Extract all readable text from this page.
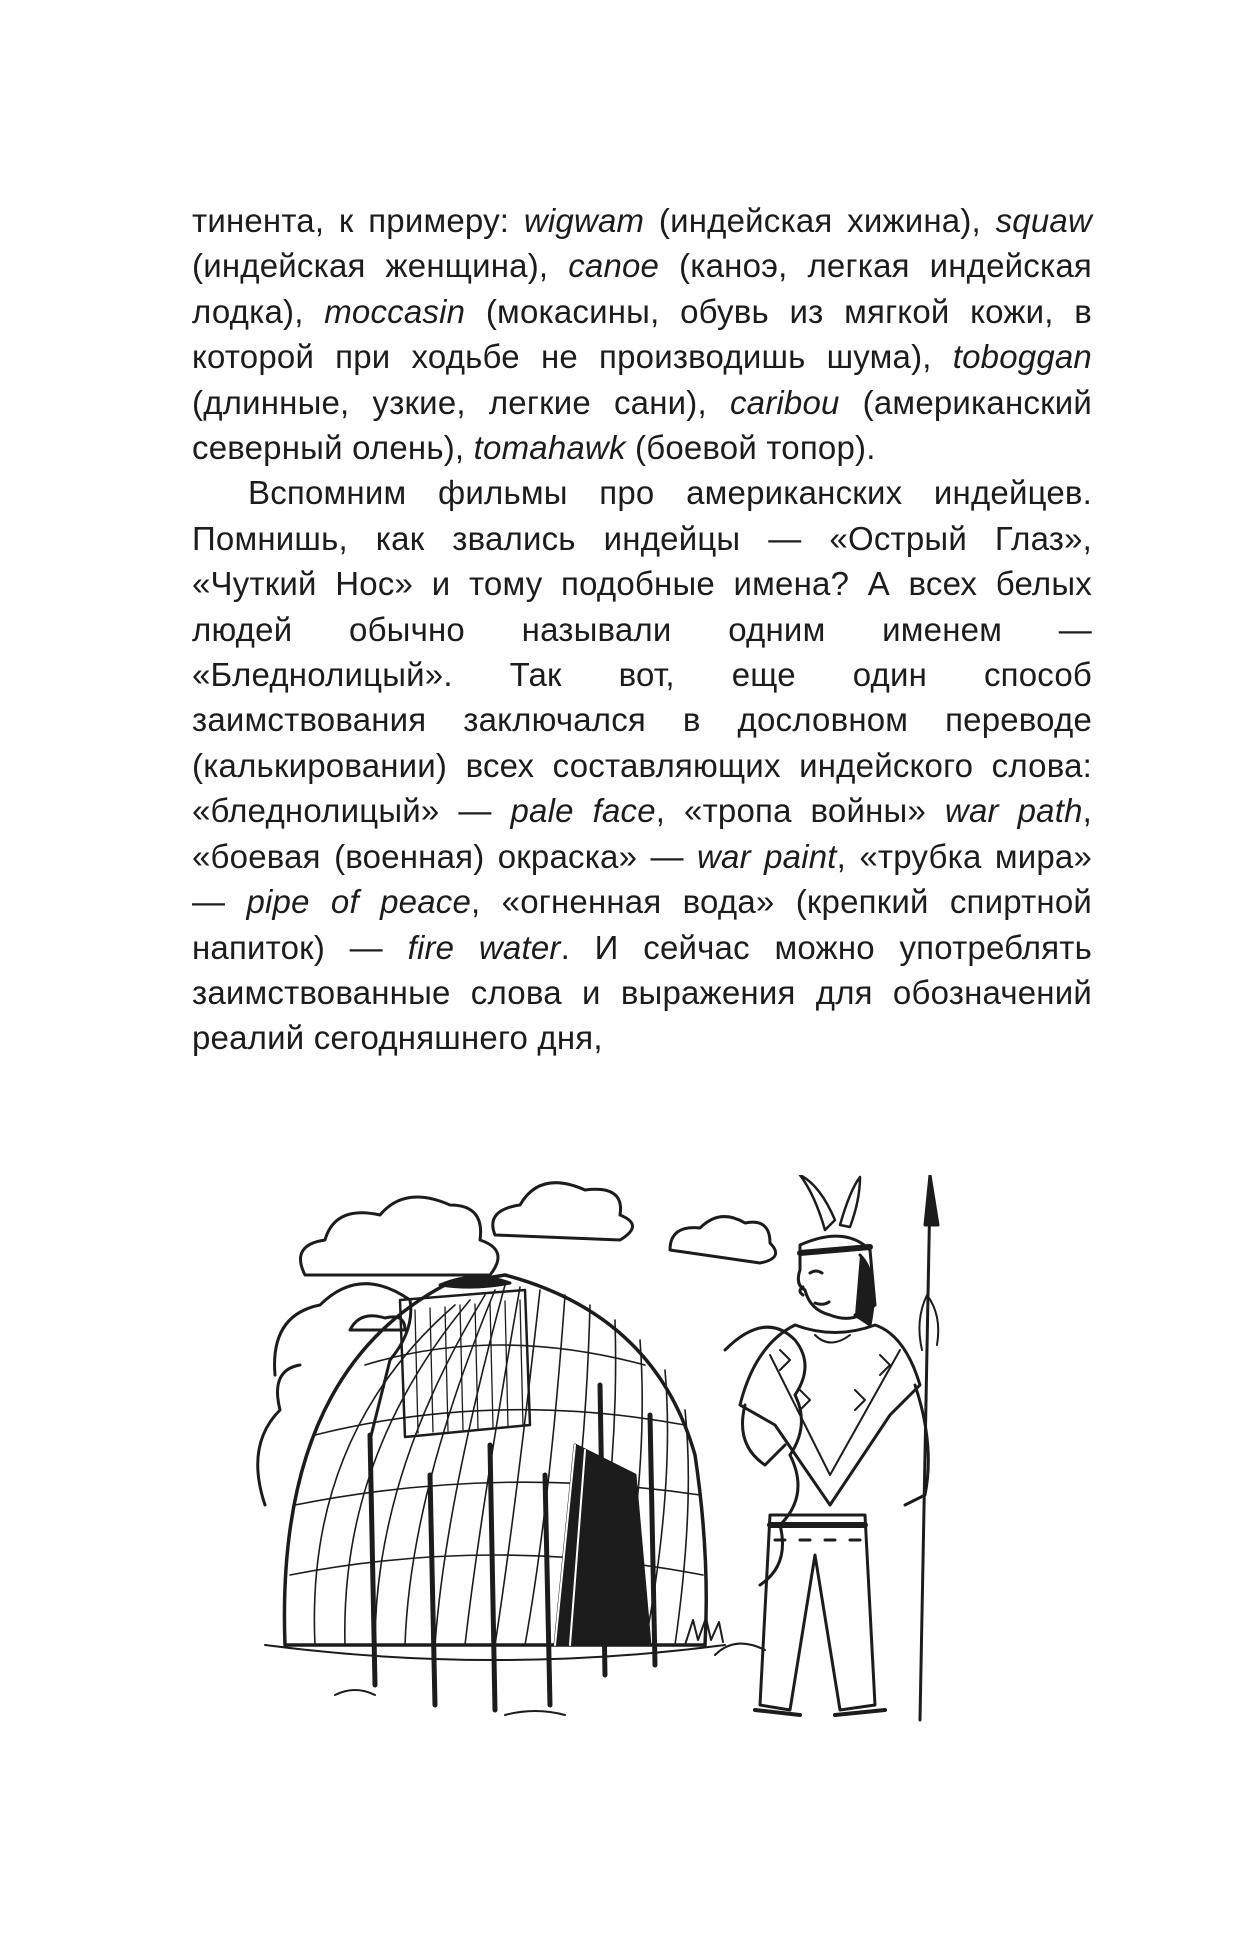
тинента, к примеру: wigwam (индейская хижина), squaw (индейская женщина), canoe (каноэ, легкая индейская лодка), moccasin (мокасины, обувь из мягкой кожи, в которой при ходьбе не производишь шума), toboggan (длинные, узкие, легкие сани), caribou (американский северный олень), tomahawk (боевой топор).

Вспомним фильмы про американских индейцев. Помнишь, как звались индейцы — «Острый Глаз», «Чуткий Нос» и тому подобные имена? А всех белых людей обычно называли одним именем — «Бледнолицый». Так вот, еще один способ заимствования заключался в дословном переводе (калькировании) всех составляющих индейского слова: «бледнолицый» — pale face, «тропа войны» war path, «боевая (военная) окраска» — war paint, «трубка мира» — pipe of peace, «огненная вода» (крепкий спиртной напиток) — fire water. И сейчас можно употреблять заимствованные слова и выражения для обозначений реалий сегодняшнего дня,
